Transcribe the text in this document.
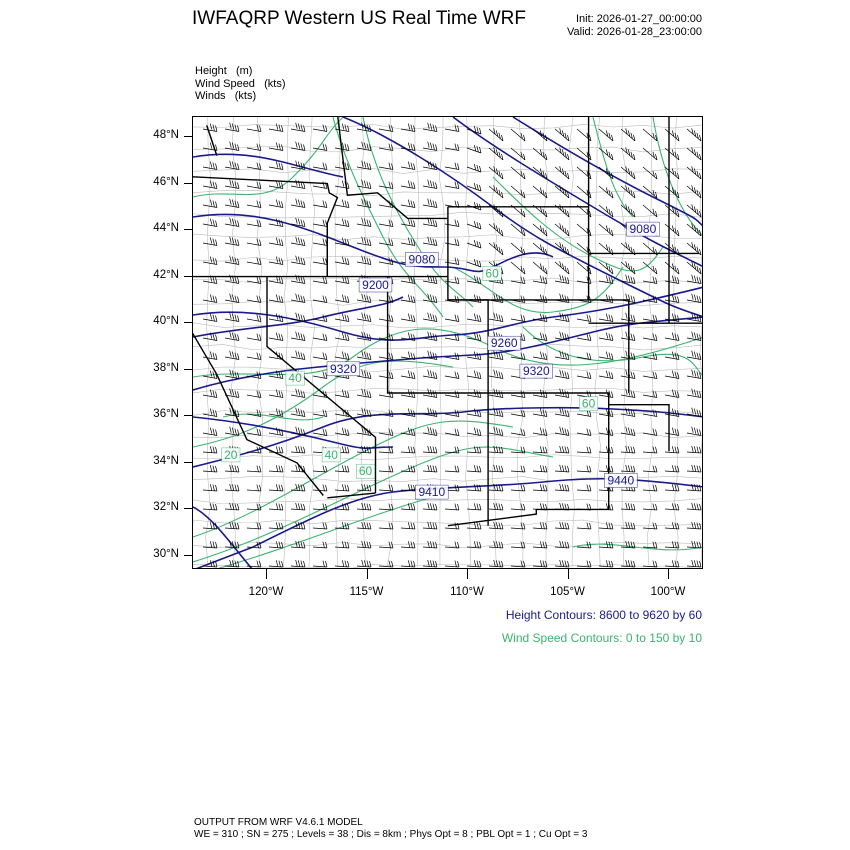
IWFAQRP Western US Real Time WRF	Init: 2026-01-27_00:00:00
Valid: 2026-01-28_23:00:00
Height   (m)
Wind Speed   (kts)
Winds   (kts)
9080
9080
9200
9260
9320	9320
9410
9440
20	40
60
60
60
40
48°N
46°N
44°N
42°N
40°N
38°N
36°N
34°N
32°N
30°N
120°W	115°W	110°W	105°W	100°W
Height Contours: 8600 to 9620 by 60
Wind Speed Contours: 0 to 150 by 10
OUTPUT FROM WRF V4.6.1 MODEL
WE = 310 ; SN = 275 ; Levels = 38 ; Dis = 8km ; Phys Opt = 8 ; PBL Opt = 1 ; Cu Opt = 3
